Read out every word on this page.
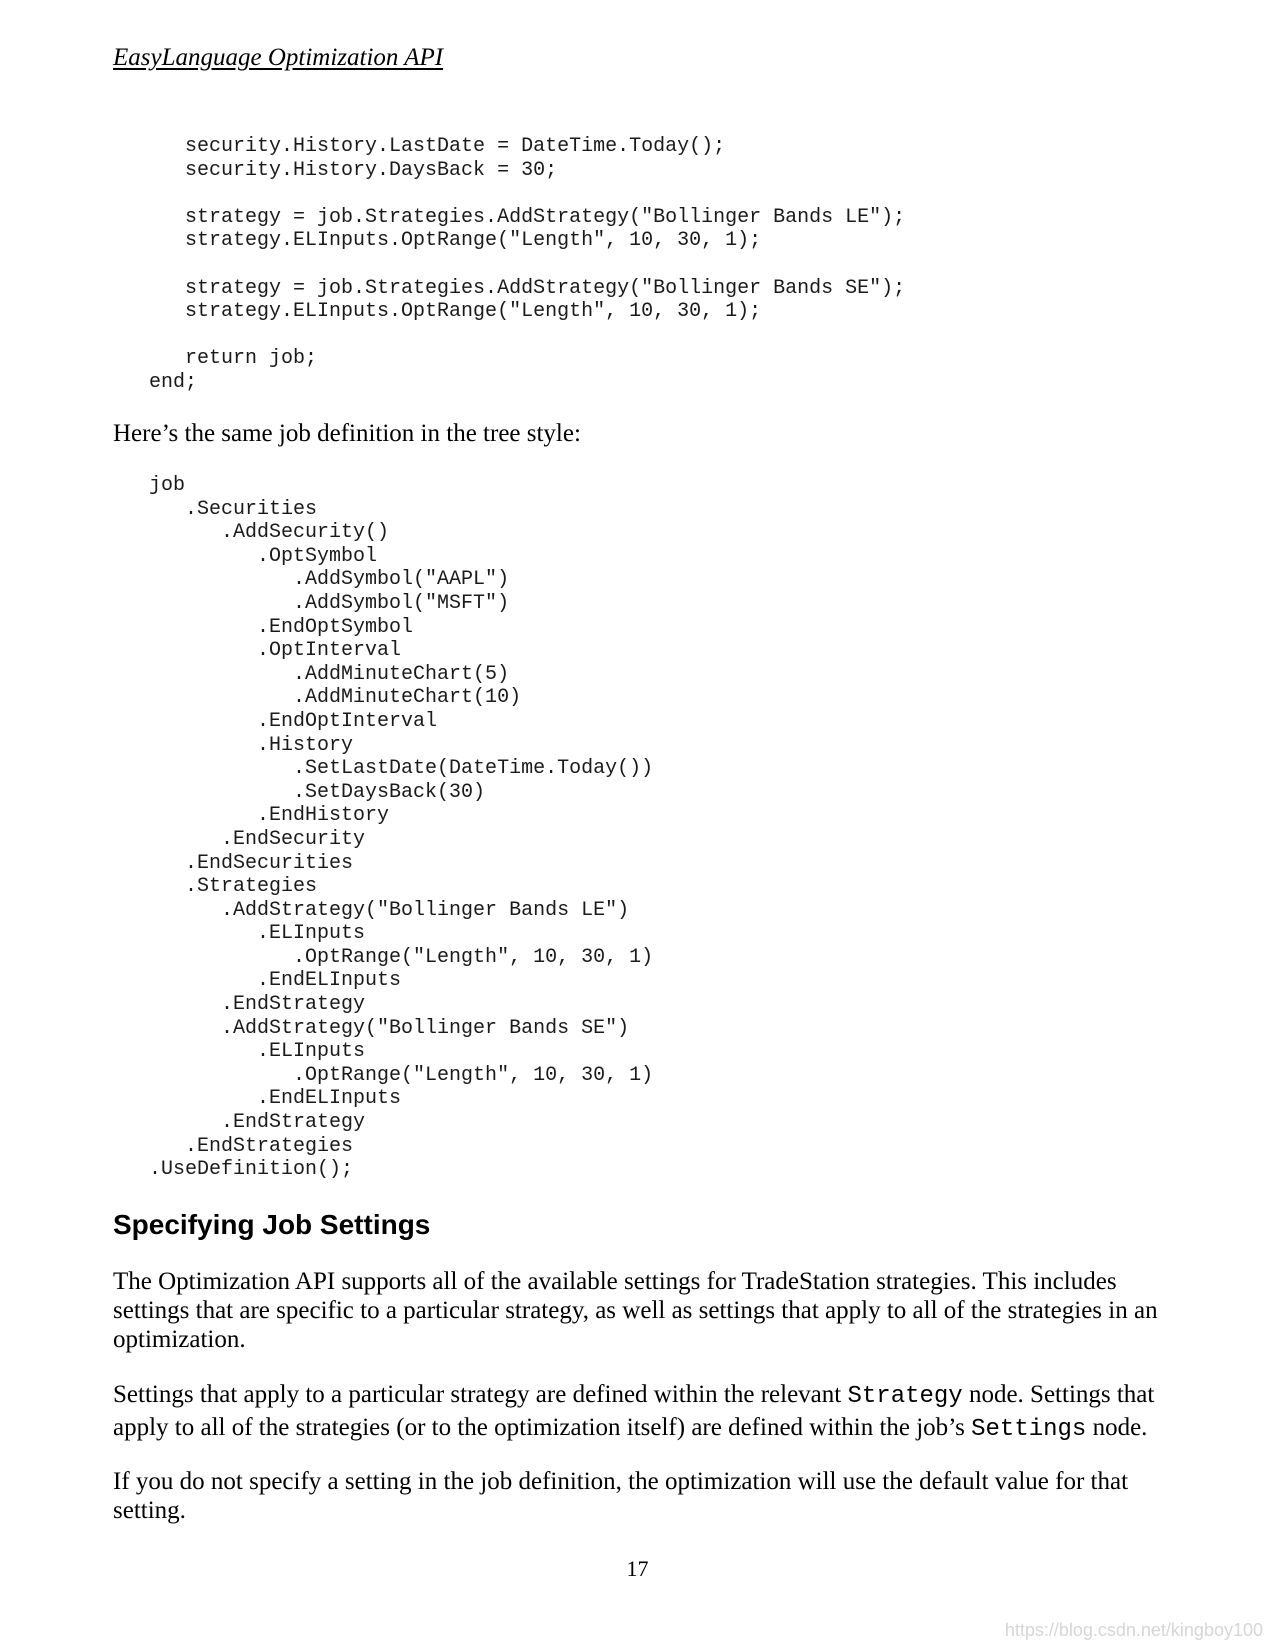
EasyLanguage Optimization API
security.History.LastDate = DateTime.Today();
security.History.DaysBack = 30;
strategy = job.Strategies.AddStrategy("Bollinger Bands LE");
strategy.ELInputs.OptRange("Length", 10, 30, 1);
strategy = job.Strategies.AddStrategy("Bollinger Bands SE");
strategy.ELInputs.OptRange("Length", 10, 30, 1);
return job;
end;

Here’s the same job definition in the tree style:

job
.Securities
.AddSecurity()
.OptSymbol
.AddSymbol("AAPL")
.AddSymbol("MSFT")
.EndOptSymbol
.OptInterval
.AddMinuteChart(5)
.AddMinuteChart(10)
.EndOptInterval
.History
.SetLastDate(DateTime.Today())
.SetDaysBack(30)
.EndHistory
.EndSecurity
.EndSecurities
.Strategies
.AddStrategy("Bollinger Bands LE")
.ELInputs
.OptRange("Length", 10, 30, 1)
.EndELInputs
.EndStrategy
.AddStrategy("Bollinger Bands SE")
.ELInputs
.OptRange("Length", 10, 30, 1)
.EndELInputs
.EndStrategy
.EndStrategies
.UseDefinition();
Specifying Job Settings

The Optimization API supports all of the available settings for TradeStation strategies. This includes settings that are specific to a particular strategy, as well as settings that apply to all of the strategies in an optimization.

Settings that apply to a particular strategy are defined within the relevant Strategy node. Settings that apply to all of the strategies (or to the optimization itself) are defined within the job’s Settings node.

If you do not specify a setting in the job definition, the optimization will use the default value for that setting.

17
https://blog.csdn.net/kingboy100
